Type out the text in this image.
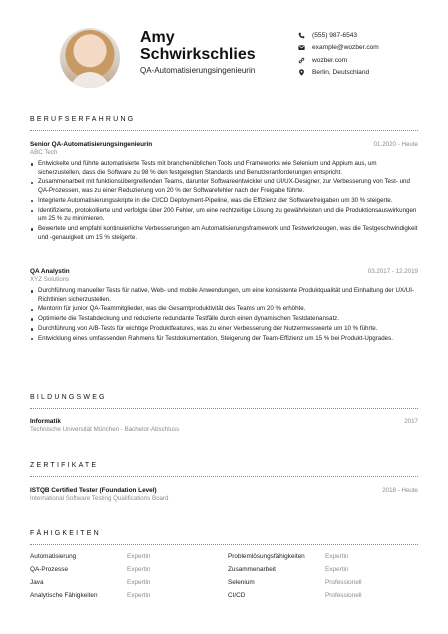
Amy Schwirkschlies
QA-Automatisierungsingenieurin
(555) 987-6543
example@wozber.com
wozber.com
Berlin, Deutschland
BERUFSERFAHRUNG
Senior QA-Automatisierungsingenieurin	01.2020 - Heute
ABC Tech
Entwickelte und führte automatisierte Tests mit branchenüblichen Tools und Frameworks wie Selenium und Appium aus, um sicherzustellen, dass die Software zu 98 % den festgelegten Standards und Benutzeranforderungen entspricht.
Zusammenarbeit mit funktionsübergreifenden Teams, darunter Softwareentwickler und UI/UX-Designer, zur Verbesserung von Test- und QA-Prozessen, was zu einer Reduzierung von 20 % der Softwarefehler nach der Freigabe führte.
Integrierte Automatisierungsskripte in die CI/CD Deployment-Pipeline, was die Effizienz der Softwarefreigaben um 30 % steigerte.
Identifizierte, protokollierte und verfolgte über 200 Fehler, um eine rechtzeitige Lösung zu gewährleisten und die Produktionsauswirkungen um 25 % zu minimieren.
Bewertete und empfahl kontinuierliche Verbesserungen am Automatisierungsframework und Testwerkzeugen, was die Testgeschwindigkeit und -genauigkeit um 15 % steigerte.
QA Analystin	03.2017 - 12.2019
XYZ Solutions
Durchführung manueller Tests für native, Web- und mobile Anwendungen, um eine konsistente Produktqualität und Einhaltung der UX/UI-Richtlinien sicherzustellen.
Mentorin für junior QA-Teammitglieder, was die Gesamtproduktivität des Teams um 20 % erhöhte.
Optimierte die Testabdeckung und reduzierte redundante Testfälle durch einen dynamischen Testdatenansatz.
Durchführung von A/B-Tests für wichtige Produktfeatures, was zu einer Verbesserung der Nutzermesswerte um 10 % führte.
Entwicklung eines umfassenden Rahmens für Testdokumentation, Steigerung der Team-Effizienz um 15 % bei Produkt-Upgrades.
BILDUNGSWEG
Informatik	2017
Technische Universität München - Bachelor-Abschluss
ZERTIFIKATE
ISTQB Certified Tester (Foundation Level)	2018 - Heute
International Software Testing Qualifications Board
FÄHIGKEITEN
Automatisierung	Expertin	Problemlösungsfähigkeiten	Expertin
QA-Prozesse	Expertin	Zusammenarbeit	Expertin
Java	Expertin	Selenium	Professionell
Analytische Fähigkeiten	Expertin	CI/CD	Professionell
